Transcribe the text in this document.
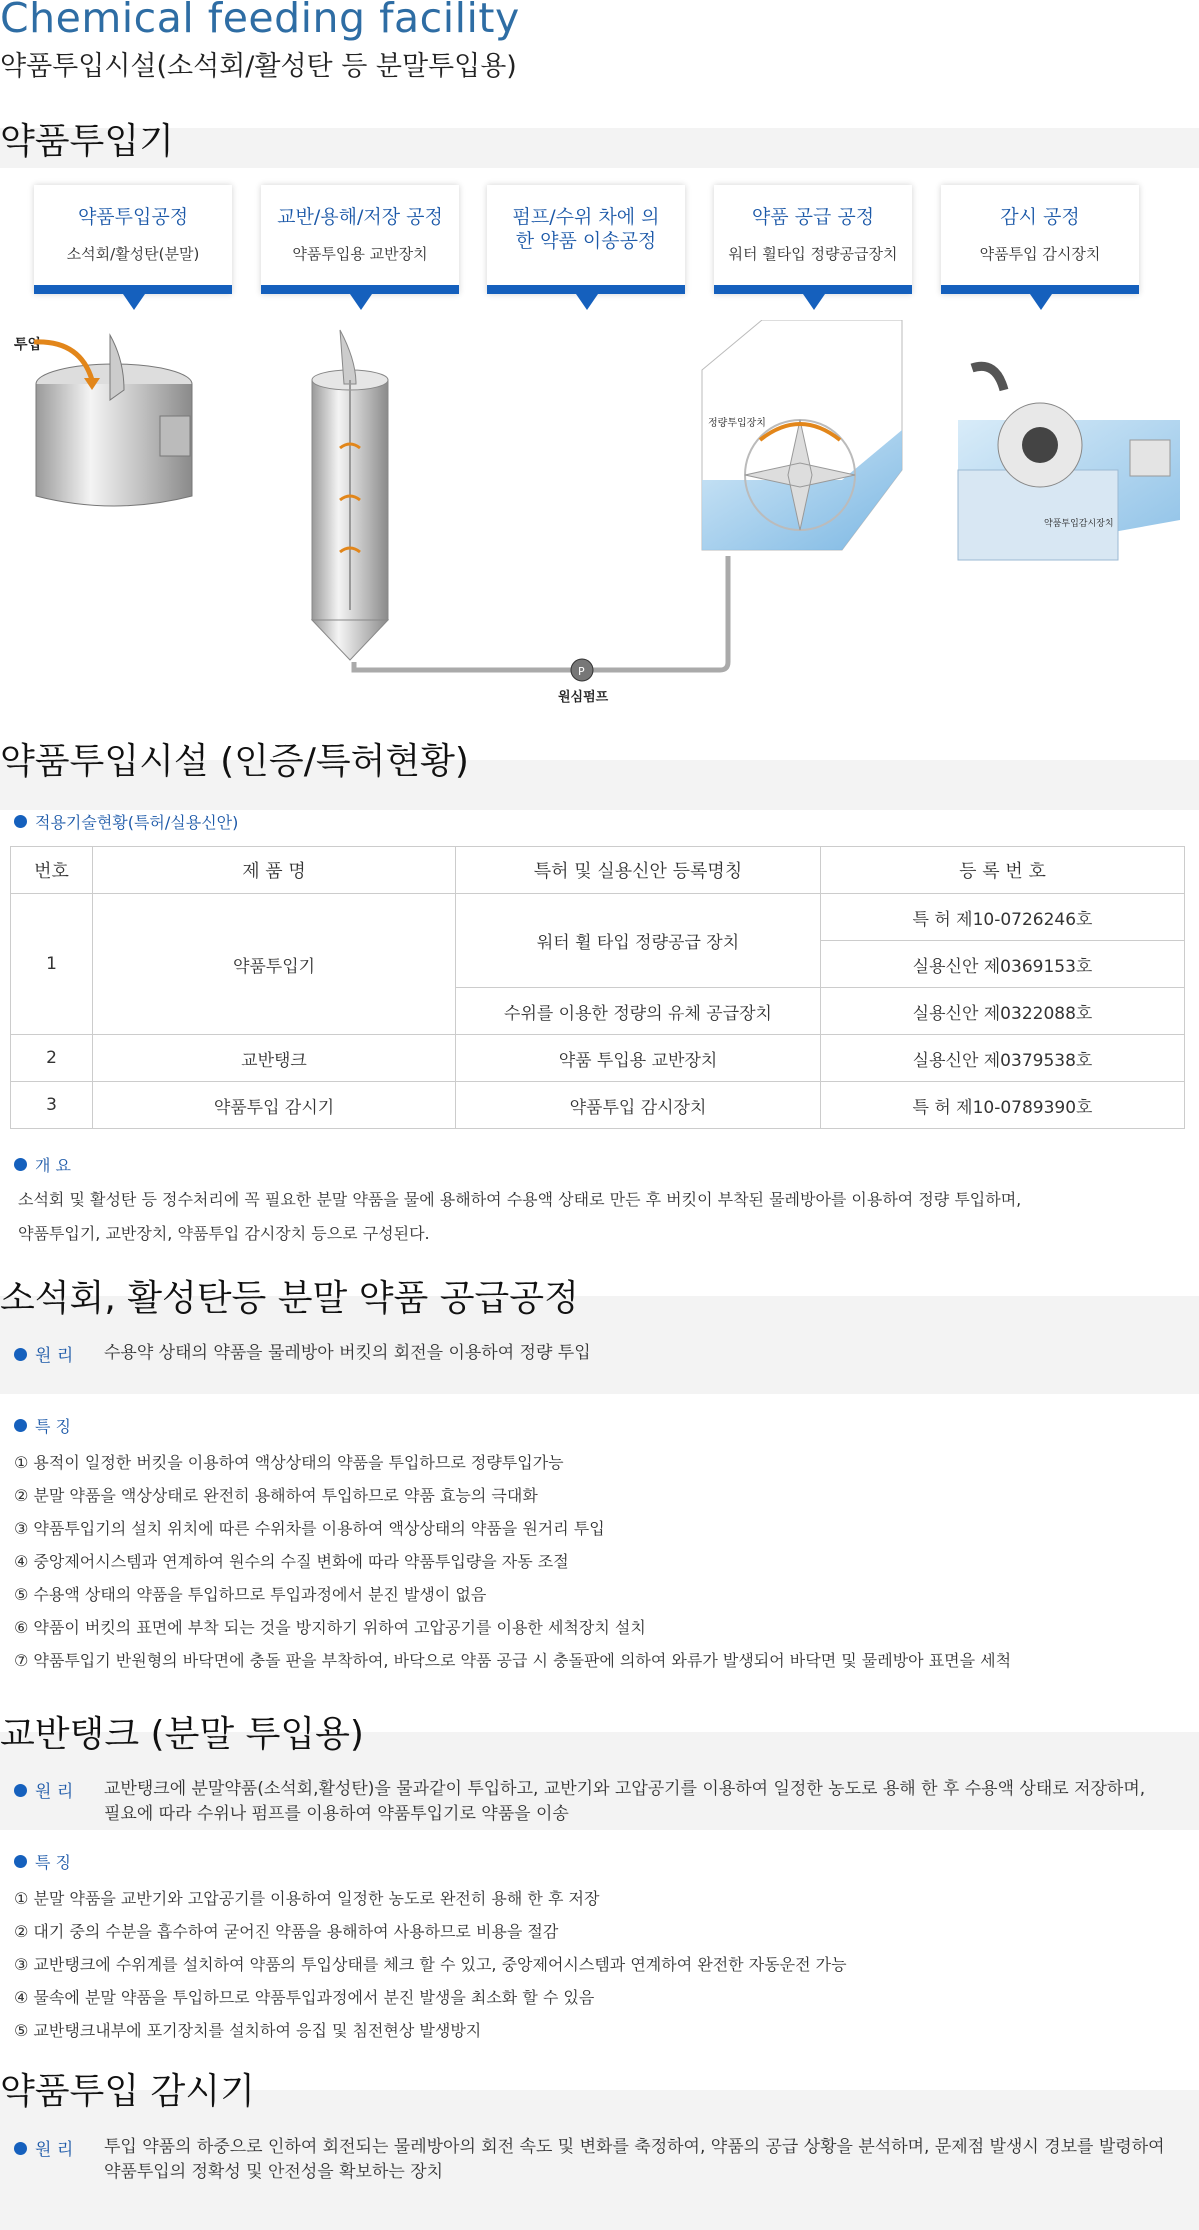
Chemical feeding facility
약품투입시설(소석회/활성탄 등 분말투입용)
약품투입기
약품투입공정
소석회/활성탄(분말)
교반/용해/저장 공정
약품투입용 교반장치
펌프/수위 차에 의한 약품 이송공정
약품 공급 공정
워터 휠타입 정량공급장치
감시 공정
약품투입 감시장치
투입
P
원심펌프
정량투입장치
약품투입감시장치
약품투입시설 (인증/특허현황)
적용기술현황(특허/실용신안)
번호	제 품 명	특허 및 실용신안 등록명칭	등 록 번 호
1	약품투입기	워터 휠 타입 정량공급 장치	특 허 제10-0726246호
			실용신안 제0369153호
		수위를 이용한 정량의 유체 공급장치	실용신안 제0322088호
2	교반탱크	약품 투입용 교반장치	실용신안 제0379538호
3	약품투입 감시기	약품투입 감시장치	특 허 제10-0789390호
개 요
소석회 및 활성탄 등 정수처리에 꼭 필요한 분말 약품을 물에 용해하여 수용액 상태로 만든 후 버킷이 부착된 물레방아를 이용하여 정량 투입하며,
약품투입기, 교반장치, 약품투입 감시장치 등으로 구성된다.
소석회, 활성탄등 분말 약품 공급공정
원 리 수용약 상태의 약품을 물레방아 버킷의 회전을 이용하여 정량 투입
특 징
① 용적이 일정한 버킷을 이용하여 액상상태의 약품을 투입하므로 정량투입가능
② 분말 약품을 액상상태로 완전히 용해하여 투입하므로 약품 효능의 극대화
③ 약품투입기의 설치 위치에 따른 수위차를 이용하여 액상상태의 약품을 원거리 투입
④ 중앙제어시스템과 연계하여 원수의 수질 변화에 따라 약품투입량을 자동 조절
⑤ 수용액 상태의 약품을 투입하므로 투입과정에서 분진 발생이 없음
⑥ 약품이 버킷의 표면에 부착 되는 것을 방지하기 위하여 고압공기를 이용한 세척장치 설치
⑦ 약품투입기 반원형의 바닥면에 충돌 판을 부착하여, 바닥으로 약품 공급 시 충돌판에 의하여 와류가 발생되어 바닥면 및 물레방아 표면을 세척
교반탱크 (분말 투입용)
원 리 교반탱크에 분말약품(소석회,활성탄)을 물과같이 투입하고, 교반기와 고압공기를 이용하여 일정한 농도로 용해 한 후 수용액 상태로 저장하며,
필요에 따라 수위나 펌프를 이용하여 약품투입기로 약품을 이송
특 징
① 분말 약품을 교반기와 고압공기를 이용하여 일정한 농도로 완전히 용해 한 후 저장
② 대기 중의 수분을 흡수하여 굳어진 약품을 용해하여 사용하므로 비용을 절감
③ 교반탱크에 수위계를 설치하여 약품의 투입상태를 체크 할 수 있고, 중앙제어시스템과 연계하여 완전한 자동운전 가능
④ 물속에 분말 약품을 투입하므로 약품투입과정에서 분진 발생을 최소화 할 수 있음
⑤ 교반탱크내부에 포기장치를 설치하여 응집 및 침전현상 발생방지
약품투입 감시기
원 리 투입 약품의 하중으로 인하여 회전되는 물레방아의 회전 속도 및 변화를 축정하여, 약품의 공급 상황을 분석하며, 문제점 발생시 경보를 발령하여
약품투입의 정확성 및 안전성을 확보하는 장치
